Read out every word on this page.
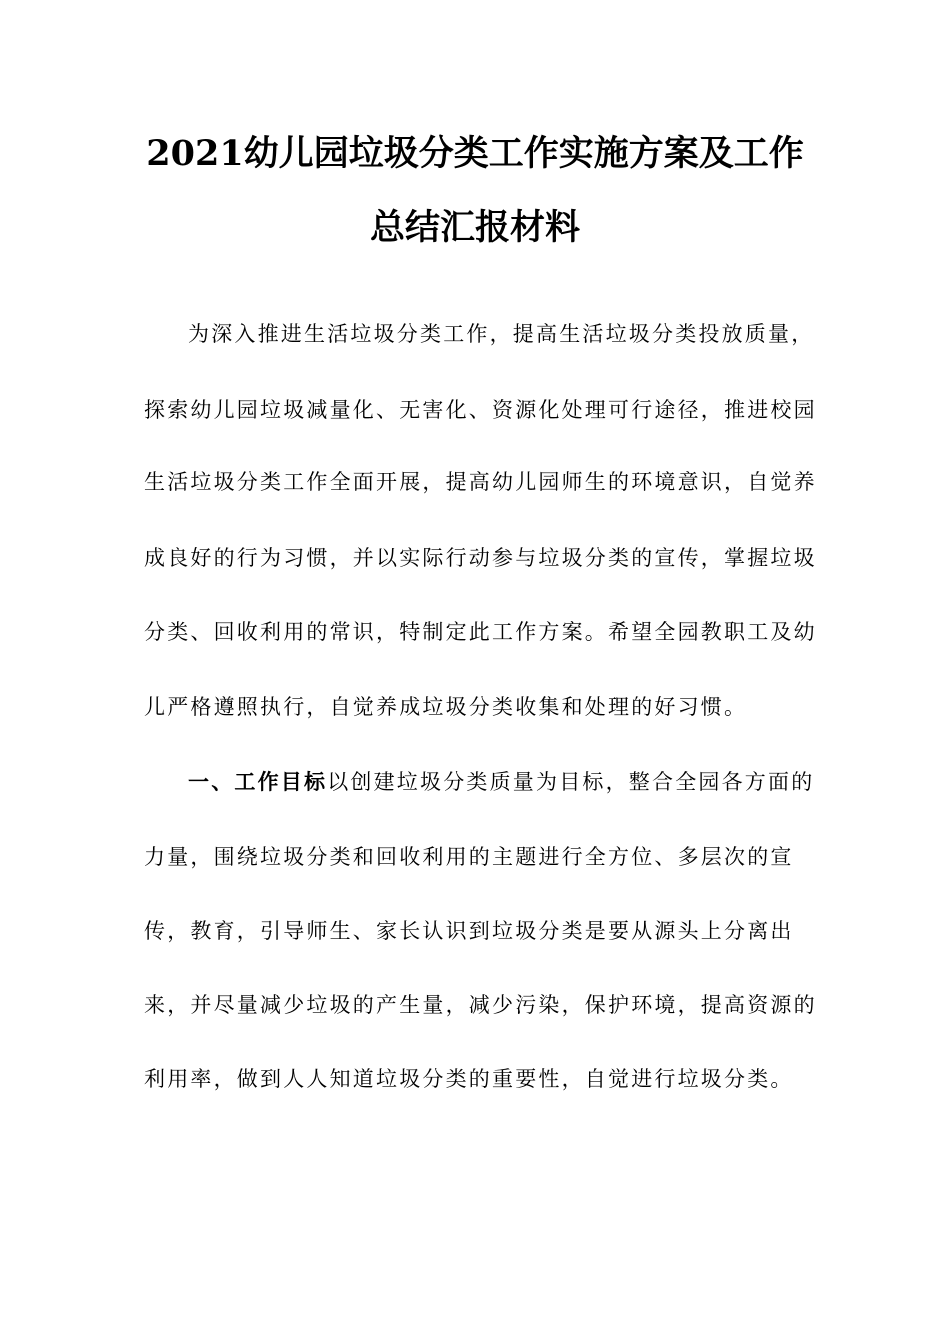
2021幼儿园垃圾分类工作实施方案及工作
总结汇报材料
为深入推进生活垃圾分类工作，提高生活垃圾分类投放质量，
探索幼儿园垃圾减量化、无害化、资源化处理可行途径，推进校园
生活垃圾分类工作全面开展，提高幼儿园师生的环境意识，自觉养
成良好的行为习惯，并以实际行动参与垃圾分类的宣传，掌握垃圾
分类、回收利用的常识，特制定此工作方案。希望全园教职工及幼
儿严格遵照执行，自觉养成垃圾分类收集和处理的好习惯。
一、工作目标以创建垃圾分类质量为目标，整合全园各方面的
力量，围绕垃圾分类和回收利用的主题进行全方位、多层次的宣
传，教育，引导师生、家长认识到垃圾分类是要从源头上分离出
来，并尽量减少垃圾的产生量，减少污染，保护环境，提高资源的
利用率，做到人人知道垃圾分类的重要性，自觉进行垃圾分类。
